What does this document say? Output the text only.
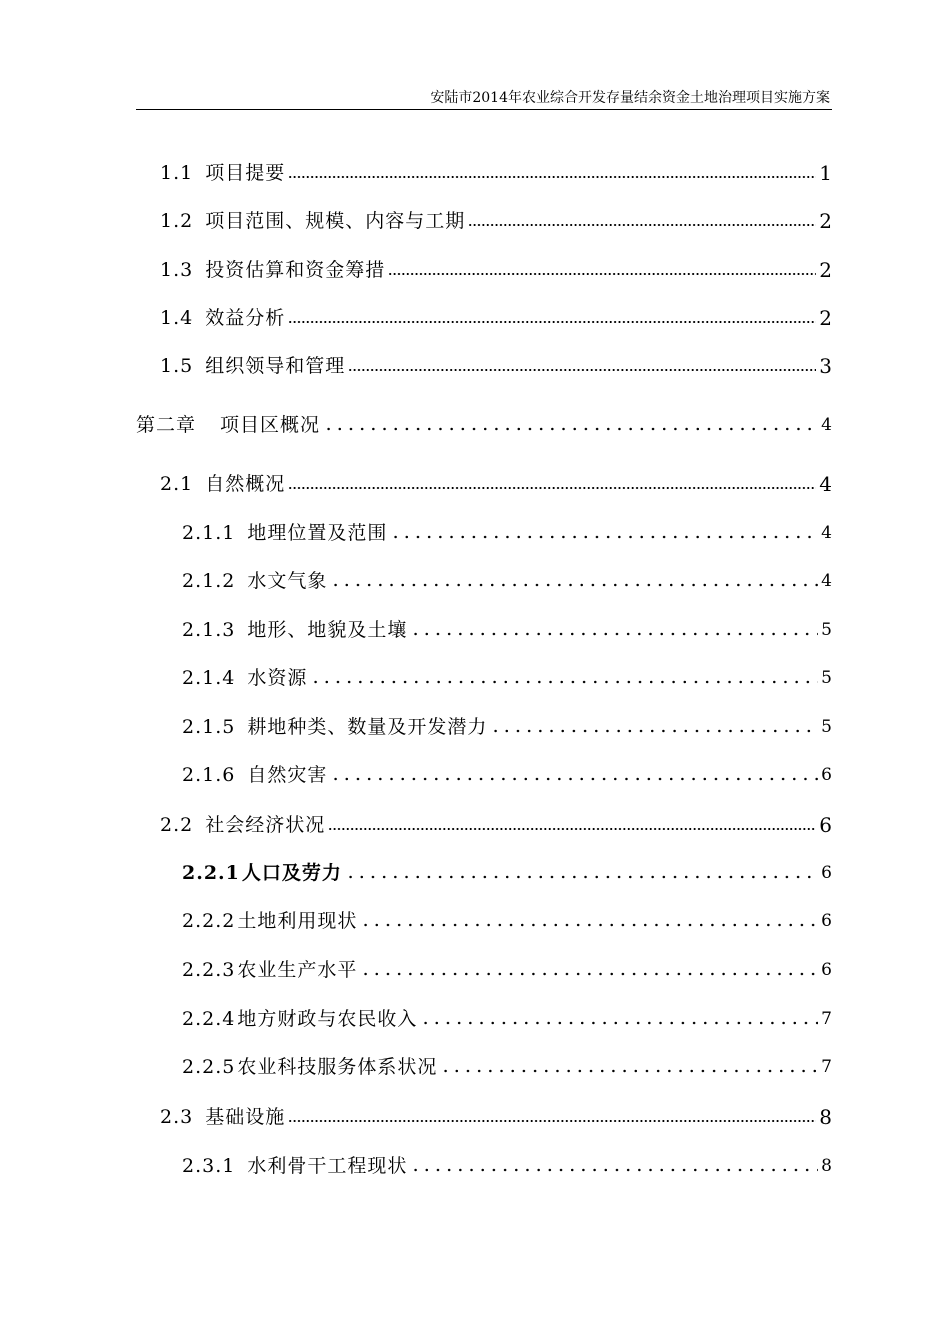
安陆市2014年农业综合开发存量结余资金土地治理项目实施方案
1.1 项目提要	1
1.2 项目范围、规模、内容与工期	2
1.3 投资估算和资金筹措	2
1.4 效益分析	2
1.5 组织领导和管理	3
第二章 项目区概况	4
2.1 自然概况	4
2.1.1 地理位置及范围	4
2.1.2 水文气象	4
2.1.3 地形、地貌及土壤	5
2.1.4 水资源	5
2.1.5 耕地种类、数量及开发潜力	5
2.1.6 自然灾害	6
2.2 社会经济状况	6
2.2.1 人口及劳力	6
2.2.2 土地利用现状	6
2.2.3 农业生产水平	6
2.2.4 地方财政与农民收入	7
2.2.5 农业科技服务体系状况	7
2.3 基础设施	8
2.3.1 水利骨干工程现状	8
